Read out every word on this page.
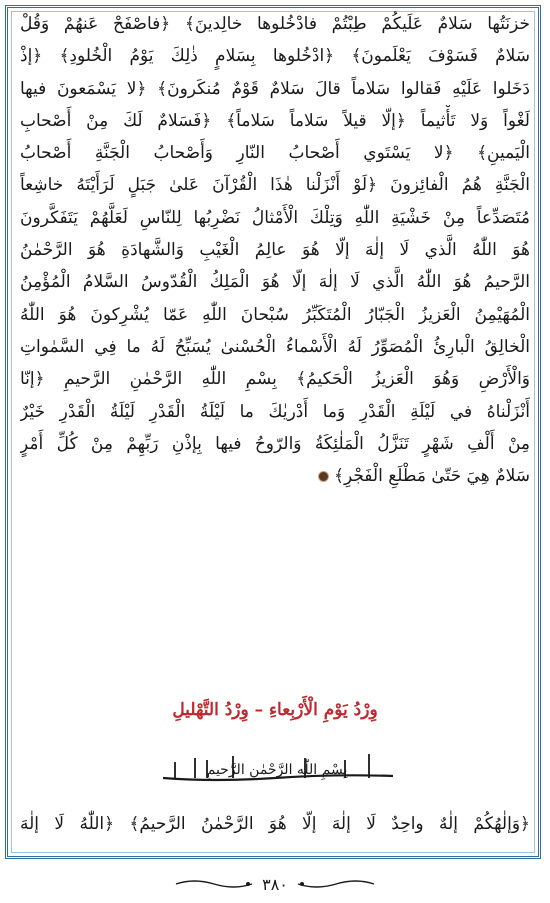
خزنَتُها سَلامٌ عَلَيكُمْ طِبْتُمْ فادْخُلوها خالِدينَ﴾ ﴿فاصْفَحْ عَنهُمْ وَقُلْ
سَلامٌ فَسَوْفَ يَعْلَمونَ﴾ ﴿ادْخُلوها بِسَلامٍ ذٰلِكَ يَوْمُ الْخُلودِ﴾ ﴿إذْ
دَخَلوا عَلَيْهِ فَقالوا سَلاماً قالَ سَلامٌ قَوْمٌ مُنكَرونَ﴾ ﴿لا يَسْمَعونَ فيها
لَغْواً وَلا تَأْثيماً ﴿إلّا قيلاً سَلاماً سَلاماً﴾ ﴿فَسَلامٌ لَكَ مِنْ أَصْحابِ
الْيَمينِ﴾ ﴿لا يَسْتَوي أَصْحابُ النّارِ وَأَصْحابُ الْجَنَّةِ أَصْحابُ
الْجَنَّةِ هُمُ الْفائِزونَ ﴿لَوْ أَنْزَلْنا هٰذَا الْقُرْآنَ عَلىٰ جَبَلٍ لَرَأَيْتَهُ خاشِعاً
مُتَصَدِّعاً مِنْ خَشْيَةِ اللّٰهِ وَتِلْكَ الْأَمْثالُ نَضْرِبُها لِلنّاسِ لَعَلَّهُمْ يَتَفَكَّرونَ
هُوَ اللّٰهُ الَّذي لَا إلٰهَ إلّا هُوَ عالِمُ الْغَيْبِ وَالشَّهادَةِ هُوَ الرَّحْمٰنُ
الرَّحيمُ هُوَ اللّٰهُ الَّذي لَا إلٰهَ إلّا هُوَ الْمَلِكُ الْقُدّوسُ السَّلامُ الْمُؤْمِنُ
الْمُهَيْمِنُ الْعَزيزُ الْجَبّارُ الْمُتَكَبِّرُ سُبْحانَ اللّٰهِ عَمّا يُشْرِكونَ هُوَ اللّٰهُ
الْخالِقُ الْبارِئُ الْمُصَوِّرُ لَهُ الْأَسْماءُ الْحُسْنىٰ يُسَبِّحُ لَهُ ما فِي السَّمٰواتِ
وَالْأَرْضِ وَهُوَ الْعَزيزُ الْحَكيمُ﴾ بِسْمِ اللّٰهِ الرَّحْمٰنِ الرَّحيمِ ﴿إنّا
أَنْزَلْناهُ في لَيْلَةِ الْقَدْرِ وَما أَدْريٰكَ ما لَيْلَةُ الْقَدْرِ لَيْلَةُ الْقَدْرِ خَيْرٌ
مِنْ أَلْفِ شَهْرٍ تَنَزَّلُ الْمَلٰئِكَةُ وَالرّوحُ فيها بِإذْنِ رَبِّهِمْ مِنْ كُلِّ أَمْرٍ
سَلامٌ هِيَ حَتّىٰ مَطْلَعِ الْفَجْرِ﴾
وِرْدُ يَوْمِ الْأَرْبِعاءِ – وِرْدُ التَّهْليلِ
بِسْمِ اللّٰهِ الرَّحْمٰنِ الرَّحيمِ
﴿وَإلٰهُكُمْ إلٰهٌ واحِدٌ لَا إلٰهَ إلّا هُوَ الرَّحْمٰنُ الرَّحيمُ﴾ ﴿اللّٰهُ لَا إلٰهَ
٣٨٠
